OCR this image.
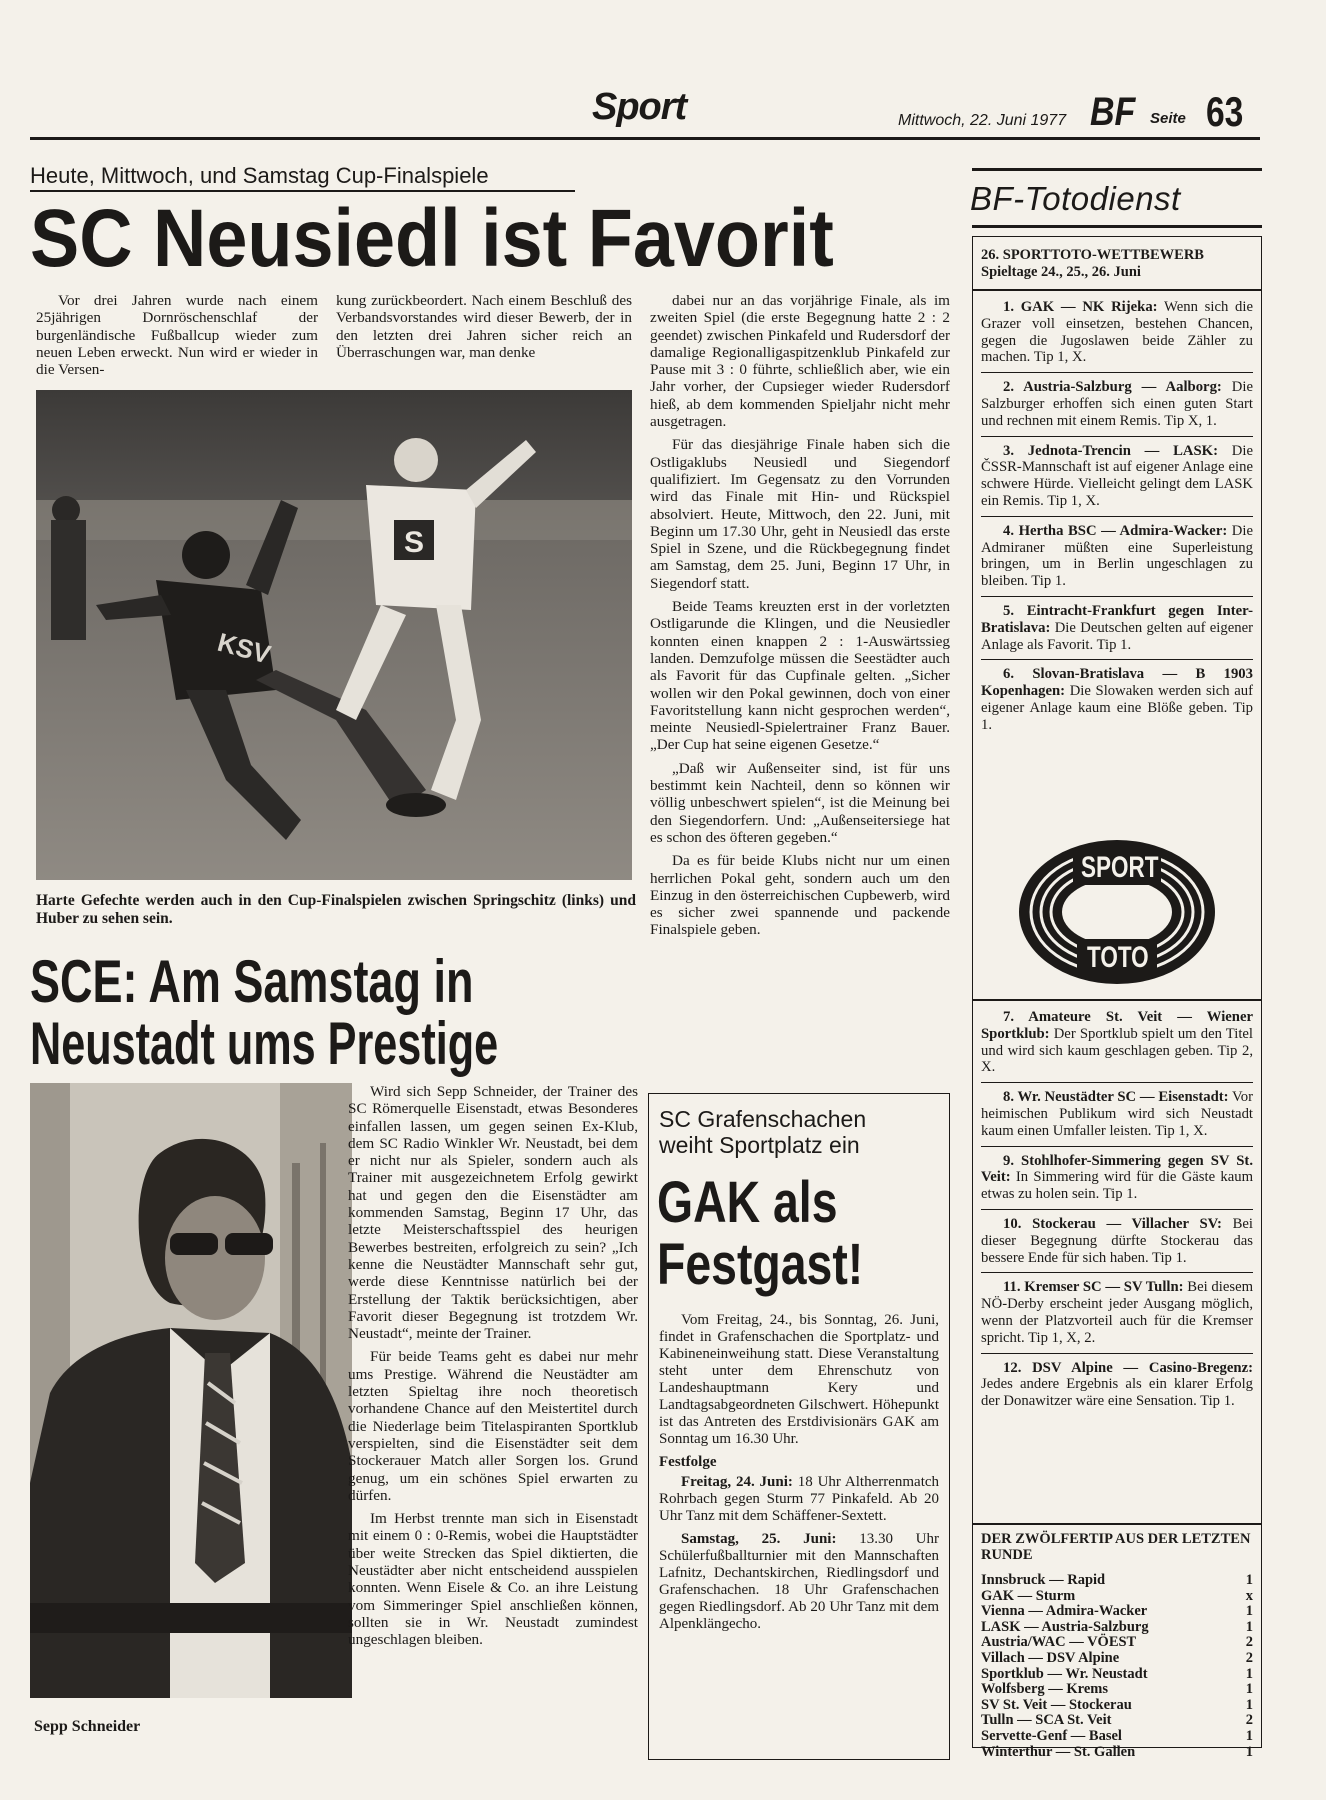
Sport	Mittwoch, 22. Juni 1977 BF Seite 63
Heute, Mittwoch, und Samstag Cup-Finalspiele
SC Neusiedl ist Favorit

Vor drei Jahren wurde nach einem 25jährigen Dornröschenschlaf der burgenländische Fußballcup wieder zum neuen Leben erweckt. Nun wird er wieder in die Versen-

kung zurückbeordert. Nach einem Beschluß des Verbandsvorstandes wird dieser Bewerb, der in den letzten drei Jahren sicher reich an Überraschungen war, man denke

KSV
S
Harte Gefechte werden auch in den Cup-Finalspielen zwischen Springschitz (links) und Huber zu sehen sein.

dabei nur an das vorjährige Finale, als im zweiten Spiel (die erste Begegnung hatte 2 : 2 geendet) zwischen Pinkafeld und Rudersdorf der damalige Regionalligaspitzenklub Pinkafeld zur Pause mit 3 : 0 führte, schließlich aber, wie ein Jahr vorher, der Cupsieger wieder Rudersdorf hieß, ab dem kommenden Spieljahr nicht mehr ausgetragen.

Für das diesjährige Finale haben sich die Ostligaklubs Neusiedl und Siegendorf qualifiziert. Im Gegensatz zu den Vorrunden wird das Finale mit Hin- und Rückspiel absolviert. Heute, Mittwoch, den 22. Juni, mit Beginn um 17.30 Uhr, geht in Neusiedl das erste Spiel in Szene, und die Rückbegegnung findet am Samstag, dem 25. Juni, Beginn 17 Uhr, in Siegendorf statt.

Beide Teams kreuzten erst in der vorletzten Ostligarunde die Klingen, und die Neusiedler konnten einen knappen 2 : 1-Auswärtssieg landen. Demzufolge müssen die Seestädter auch als Favorit für das Cupfinale gelten. „Sicher wollen wir den Pokal gewinnen, doch von einer Favoritstellung kann nicht gesprochen werden“, meinte Neusiedl-Spielertrainer Franz Bauer. „Der Cup hat seine eigenen Gesetze.“

„Daß wir Außenseiter sind, ist für uns bestimmt kein Nachteil, denn so können wir völlig unbeschwert spielen“, ist die Meinung bei den Siegendorfern. Und: „Außenseitersiege hat es schon des öfteren gegeben.“

Da es für beide Klubs nicht nur um einen herrlichen Pokal geht, sondern auch um den Einzug in den österreichischen Cupbewerb, wird es sicher zwei spannende und packende Finalspiele geben.

SCE: Am Samstag in
Neustadt ums Prestige
Sepp Schneider

Wird sich Sepp Schneider, der Trainer des SC Römerquelle Eisenstadt, etwas Besonderes einfallen lassen, um gegen seinen Ex-Klub, dem SC Radio Winkler Wr. Neustadt, bei dem er nicht nur als Spieler, sondern auch als Trainer mit ausgezeichnetem Erfolg gewirkt hat und gegen den die Eisenstädter am kommenden Samstag, Beginn 17 Uhr, das letzte Meisterschaftsspiel des heurigen Bewerbes bestreiten, erfolgreich zu sein? „Ich kenne die Neustädter Mannschaft sehr gut, werde diese Kenntnisse natürlich bei der Erstellung der Taktik berücksichtigen, aber Favorit dieser Begegnung ist trotzdem Wr. Neustadt“, meinte der Trainer.

Für beide Teams geht es dabei nur mehr ums Prestige. Während die Neustädter am letzten Spieltag ihre noch theoretisch vorhandene Chance auf den Meistertitel durch die Niederlage beim Titelaspiranten Sportklub verspielten, sind die Eisenstädter seit dem Stockerauer Match aller Sorgen los. Grund genug, um ein schönes Spiel erwarten zu dürfen.

Im Herbst trennte man sich in Eisenstadt mit einem 0 : 0-Remis, wobei die Hauptstädter über weite Strecken das Spiel diktierten, die Neustädter aber nicht entscheidend ausspielen konnten. Wenn Eisele & Co. an ihre Leistung vom Simmeringer Spiel anschließen können, sollten sie in Wr. Neustadt zumindest ungeschlagen bleiben.

SC Grafenschachen
weiht Sportplatz ein
GAK als
Festgast!

Vom Freitag, 24., bis Sonntag, 26. Juni, findet in Grafenschachen die Sportplatz- und Kabineneinweihung statt. Diese Veranstaltung steht unter dem Ehrenschutz von Landeshauptmann Kery und Landtagsabgeordneten Gilschwert. Höhepunkt ist das Antreten des Erstdivisionärs GAK am Sonntag um 16.30 Uhr.

Festfolge

Freitag, 24. Juni: 18 Uhr Altherrenmatch Rohrbach gegen Sturm 77 Pinkafeld. Ab 20 Uhr Tanz mit dem Schäffener-Sextett.

Samstag, 25. Juni: 13.30 Uhr Schülerfußballturnier mit den Mannschaften Lafnitz, Dechantskirchen, Riedlingsdorf und Grafenschachen. 18 Uhr Grafenschachen gegen Riedlingsdorf. Ab 20 Uhr Tanz mit dem Alpenklängecho.

BF-Totodienst
26. SPORTTOTO-WETTBEWERB
Spieltage 24., 25., 26. Juni

1. GAK — NK Rijeka: Wenn sich die Grazer voll einsetzen, bestehen Chancen, gegen die Jugoslawen beide Zähler zu machen. Tip 1, X.

2. Austria-Salzburg — Aalborg: Die Salzburger erhoffen sich einen guten Start und rechnen mit einem Remis. Tip X, 1.

3. Jednota-Trencin — LASK: Die ČSSR-Mannschaft ist auf eigener Anlage eine schwere Hürde. Vielleicht gelingt dem LASK ein Remis. Tip 1, X.

4. Hertha BSC — Admira-Wacker: Die Admiraner müßten eine Superleistung bringen, um in Berlin ungeschlagen zu bleiben. Tip 1.

5. Eintracht-Frankfurt gegen Inter-Bratislava: Die Deutschen gelten auf eigener Anlage als Favorit. Tip 1.

6. Slovan-Bratislava — B 1903 Kopenhagen: Die Slowaken werden sich auf eigener Anlage kaum eine Blöße geben. Tip 1.

SPORT
TOTO

7. Amateure St. Veit — Wiener Sportklub: Der Sportklub spielt um den Titel und wird sich kaum geschlagen geben. Tip 2, X.

8. Wr. Neustädter SC — Eisenstadt: Vor heimischen Publikum wird sich Neustadt kaum einen Umfaller leisten. Tip 1, X.

9. Stohlhofer-Simmering gegen SV St. Veit: In Simmering wird für die Gäste kaum etwas zu holen sein. Tip 1.

10. Stockerau — Villacher SV: Bei dieser Begegnung dürfte Stockerau das bessere Ende für sich haben. Tip 1.

11. Kremser SC — SV Tulln: Bei diesem NÖ-Derby erscheint jeder Ausgang möglich, wenn der Platzvorteil auch für die Kremser spricht. Tip 1, X, 2.

12. DSV Alpine — Casino-Bregenz: Jedes andere Ergebnis als ein klarer Erfolg der Donawitzer wäre eine Sensation. Tip 1.

DER ZWÖLFERTIP AUS DER LETZTEN RUNDE
Innsbruck — Rapid	1
GAK — Sturm	x
Vienna — Admira-Wacker	1
LASK — Austria-Salzburg	1
Austria/WAC — VÖEST	2
Villach — DSV Alpine	2
Sportklub — Wr. Neustadt	1
Wolfsberg — Krems	1
SV St. Veit — Stockerau	1
Tulln — SCA St. Veit	2
Servette-Genf — Basel	1
Winterthur — St. Gallen	1
